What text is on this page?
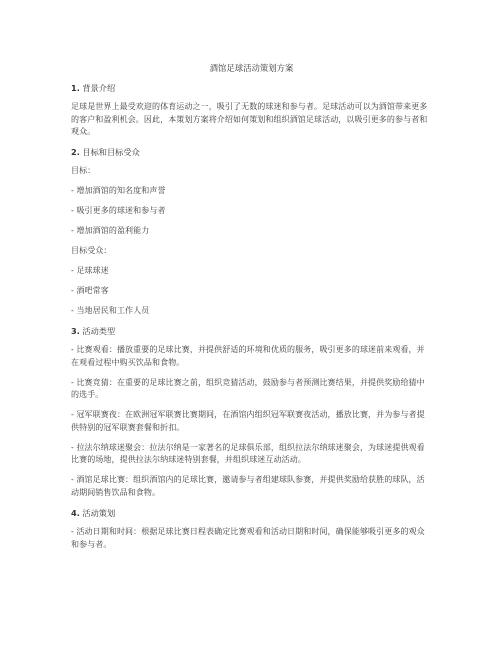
酒馆足球活动策划方案
1. 背景介绍
足球是世界上最受欢迎的体育运动之一，吸引了无数的球迷和参与者。足球活动可以为酒馆带来更多的客户和盈利机会。因此，本策划方案将介绍如何策划和组织酒馆足球活动，以吸引更多的参与者和观众。
2. 目标和目标受众
目标：
- 增加酒馆的知名度和声誉
- 吸引更多的球迷和参与者
- 增加酒馆的盈利能力
目标受众：
- 足球球迷
- 酒吧常客
- 当地居民和工作人员
3. 活动类型
- 比赛观看：播放重要的足球比赛，并提供舒适的环境和优质的服务，吸引更多的球迷前来观看，并在观看过程中购买饮品和食物。
- 比赛竞猜：在重要的足球比赛之前，组织竞猜活动，鼓励参与者预测比赛结果，并提供奖励给猜中的选手。
- 冠军联赛夜：在欧洲冠军联赛比赛期间，在酒馆内组织冠军联赛夜活动，播放比赛，并为参与者提供特别的冠军联赛套餐和折扣。
- 拉法尔纳球迷聚会：拉法尔纳是一家著名的足球俱乐部，组织拉法尔纳球迷聚会，为球迷提供观看比赛的场地，提供拉法尔纳球迷特别套餐，并组织球迷互动活动。
- 酒馆足球比赛：组织酒馆内的足球比赛，邀请参与者组建球队参赛，并提供奖励给获胜的球队，活动期间销售饮品和食物。
4. 活动策划
- 活动日期和时间：根据足球比赛日程表确定比赛观看和活动日期和时间，确保能够吸引更多的观众和参与者。
